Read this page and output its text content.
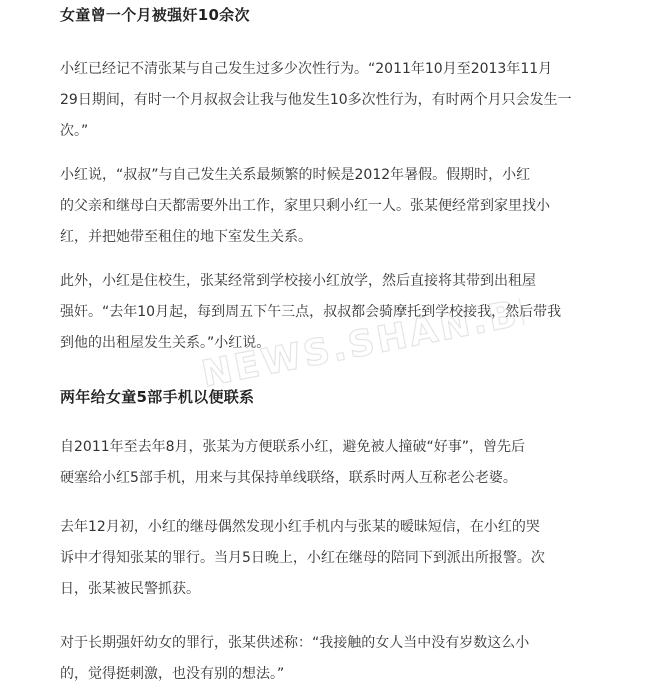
女童曾一个月被强奸10余次
小红已经记不清张某与自己发生过多少次性行为。“2011年10月至2013年11月
29日期间，有时一个月叔叔会让我与他发生10多次性行为，有时两个月只会发生一
次。”
小红说，“叔叔”与自己发生关系最频繁的时候是2012年暑假。假期时，小红
的父亲和继母白天都需要外出工作，家里只剩小红一人。张某便经常到家里找小
红，并把她带至租住的地下室发生关系。
此外，小红是住校生，张某经常到学校接小红放学，然后直接将其带到出租屋
强奸。“去年10月起，每到周五下午三点，叔叔都会骑摩托到学校接我，然后带我
到他的出租屋发生关系。”小红说。
两年给女童5部手机以便联系
自2011年至去年8月，张某为方便联系小红，避免被人撞破“好事”，曾先后
硬塞给小红5部手机，用来与其保持单线联络，联系时两人互称老公老婆。
去年12月初，小红的继母偶然发现小红手机内与张某的暧昧短信，在小红的哭
诉中才得知张某的罪行。当月5日晚上，小红在继母的陪同下到派出所报警。次
日，张某被民警抓获。
对于长期强奸幼女的罪行，张某供述称：“我接触的女人当中没有岁数这么小
的，觉得挺刺激，也没有别的想法。”
NEWS.SHAN.BBOS
